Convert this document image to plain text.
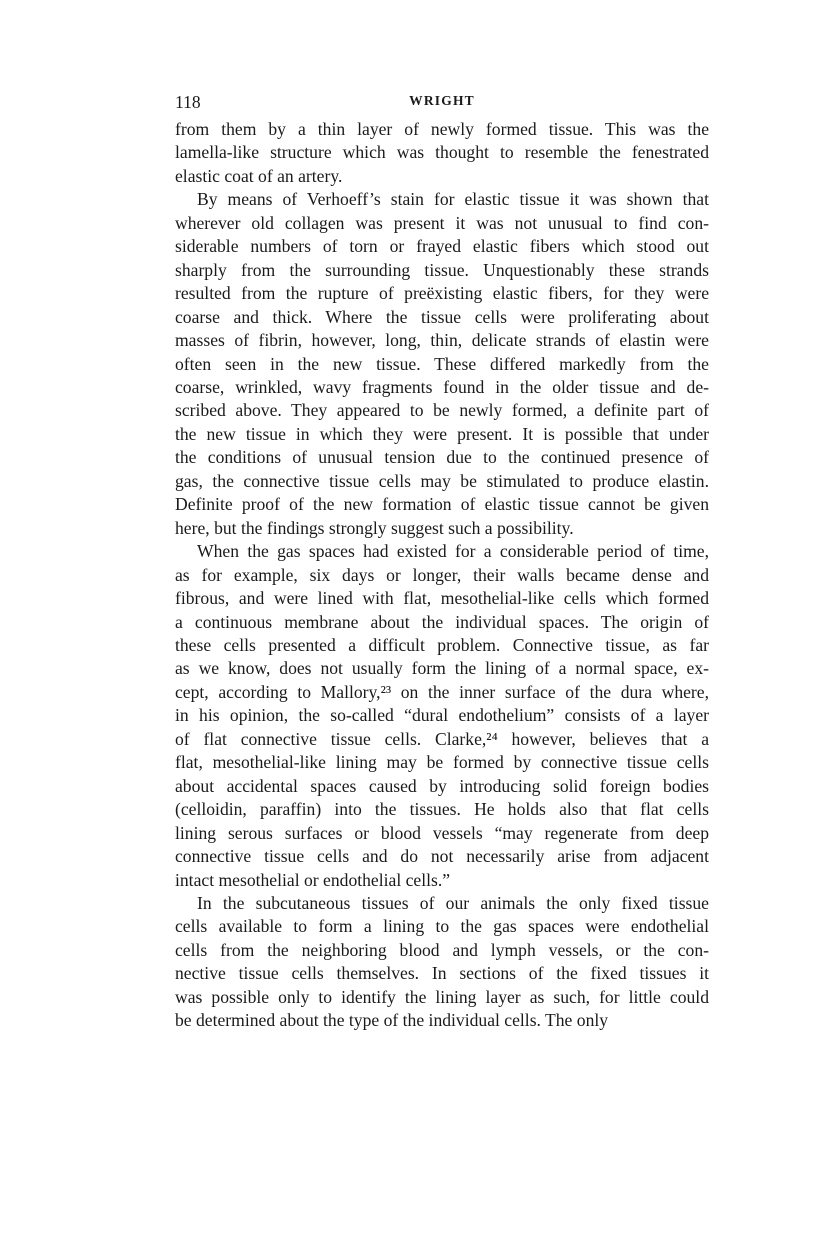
118	WRIGHT

from them by a thin layer of newly formed tissue. This was the
lamella-like structure which was thought to resemble the fenestrated
elastic coat of an artery.

By means of Verhoeff’s stain for elastic tissue it was shown that
wherever old collagen was present it was not unusual to find con-
siderable numbers of torn or frayed elastic fibers which stood out
sharply from the surrounding tissue. Unquestionably these strands
resulted from the rupture of preëxisting elastic fibers, for they were
coarse and thick. Where the tissue cells were proliferating about
masses of fibrin, however, long, thin, delicate strands of elastin were
often seen in the new tissue. These differed markedly from the
coarse, wrinkled, wavy fragments found in the older tissue and de-
scribed above. They appeared to be newly formed, a definite part of
the new tissue in which they were present. It is possible that under
the conditions of unusual tension due to the continued presence of
gas, the connective tissue cells may be stimulated to produce elastin.
Definite proof of the new formation of elastic tissue cannot be given
here, but the findings strongly suggest such a possibility.

When the gas spaces had existed for a considerable period of time,
as for example, six days or longer, their walls became dense and
fibrous, and were lined with flat, mesothelial-like cells which formed
a continuous membrane about the individual spaces. The origin of
these cells presented a difficult problem. Connective tissue, as far
as we know, does not usually form the lining of a normal space, ex-
cept, according to Mallory,²³ on the inner surface of the dura where,
in his opinion, the so-called “dural endothelium” consists of a layer
of flat connective tissue cells. Clarke,²⁴ however, believes that a
flat, mesothelial-like lining may be formed by connective tissue cells
about accidental spaces caused by introducing solid foreign bodies
(celloidin, paraffin) into the tissues. He holds also that flat cells
lining serous surfaces or blood vessels “may regenerate from deep
connective tissue cells and do not necessarily arise from adjacent
intact mesothelial or endothelial cells.”

In the subcutaneous tissues of our animals the only fixed tissue
cells available to form a lining to the gas spaces were endothelial
cells from the neighboring blood and lymph vessels, or the con-
nective tissue cells themselves. In sections of the fixed tissues it
was possible only to identify the lining layer as such, for little could
be determined about the type of the individual cells. The only
